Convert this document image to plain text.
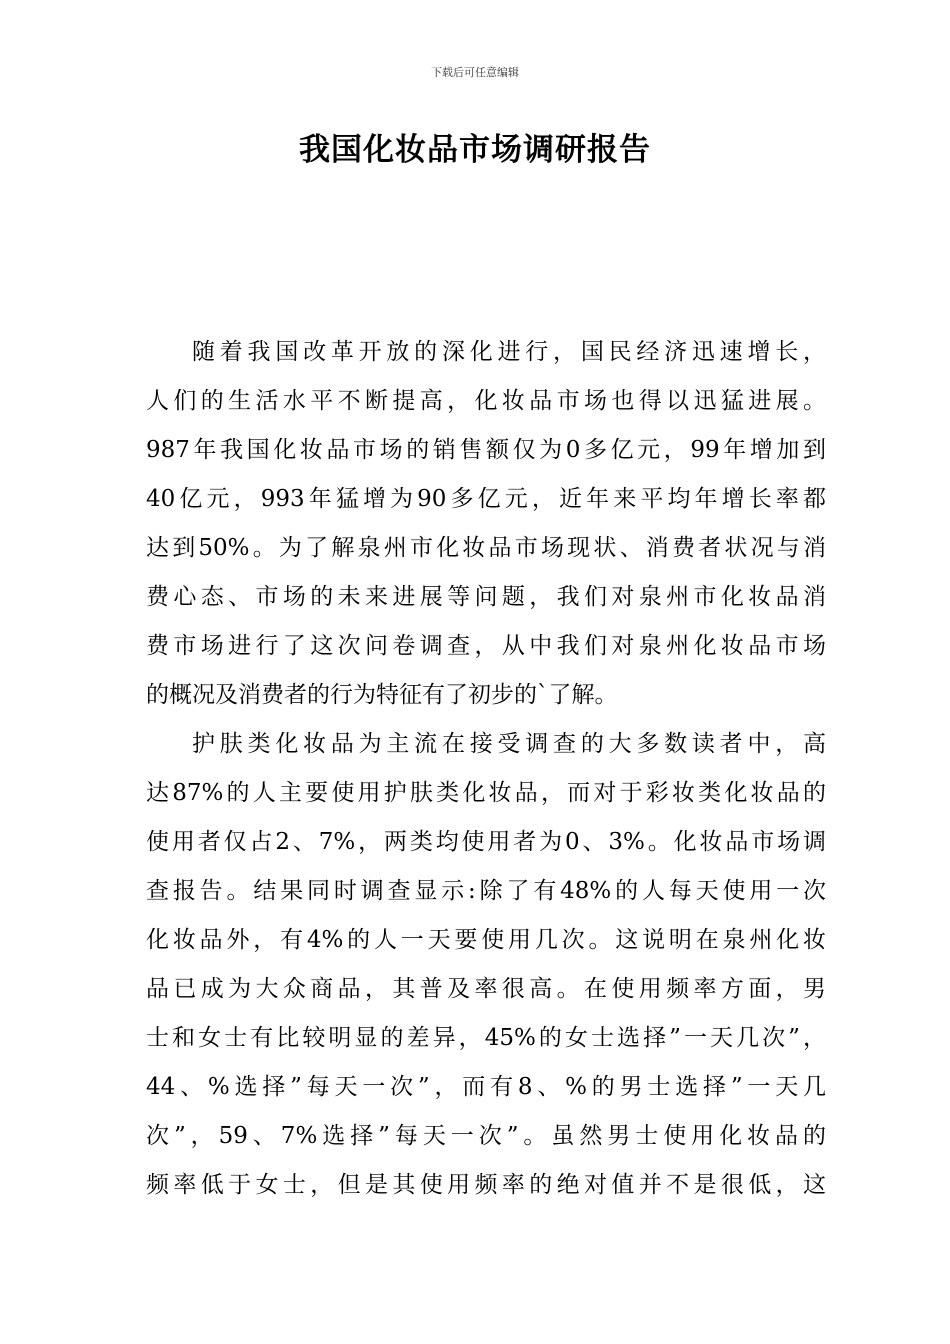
下载后可任意编辑
我国化妆品市场调研报告
随着我国改革开放的深化进行，国民经济迅速增长，
人们的生活水平不断提高，化妆品市场也得以迅猛进展。
987年我国化妆品市场的销售额仅为0多亿元，99年增加到
40亿元，993年猛增为90多亿元，近年来平均年增长率都
达到50%。为了解泉州市化妆品市场现状、消费者状况与消
费心态、市场的未来进展等问题，我们对泉州市化妆品消
费市场进行了这次问卷调查，从中我们对泉州化妆品市场
的概况及消费者的行为特征有了初步的`了解。
护肤类化妆品为主流在接受调查的大多数读者中，高
达87%的人主要使用护肤类化妆品，而对于彩妆类化妆品的
使用者仅占2、7%，两类均使用者为0、3%。化妆品市场调
查报告。结果同时调查显示:除了有48%的人每天使用一次
化妆品外，有4%的人一天要使用几次。这说明在泉州化妆
品已成为大众商品，其普及率很高。在使用频率方面，男
士和女士有比较明显的差异，45%的女士选择”一天几次”，
44、%选择”每天一次”，而有8、%的男士选择”一天几
次”，59、7%选择”每天一次”。虽然男士使用化妆品的
频率低于女士，但是其使用频率的绝对值并不是很低，这
